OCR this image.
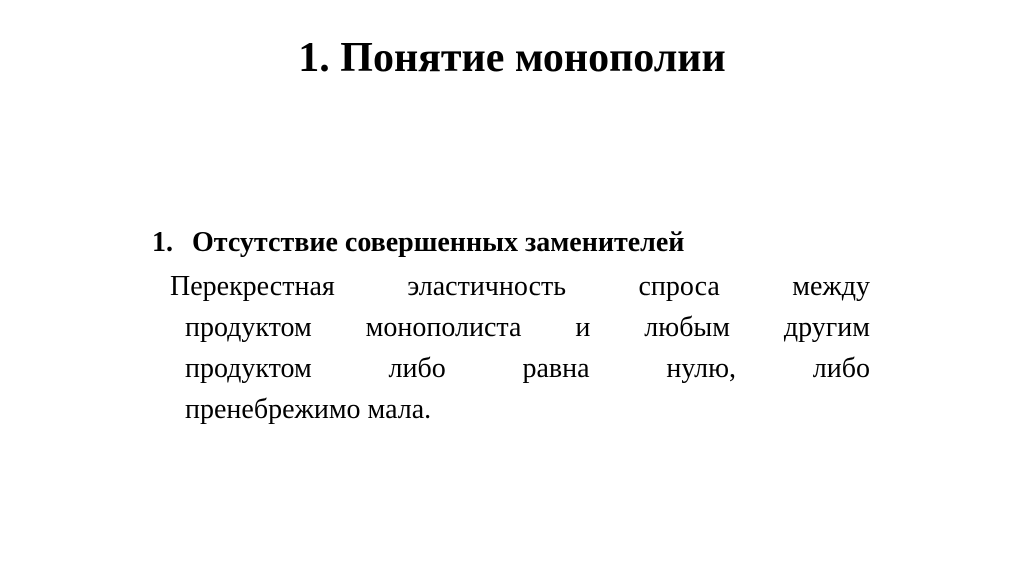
1. Понятие монополии

1. Отсутствие совершенных заменителей

Перекрестная эластичность спроса между
продуктом монополиста и любым другим
продуктом либо равна нулю, либо
пренебрежимо мала.
